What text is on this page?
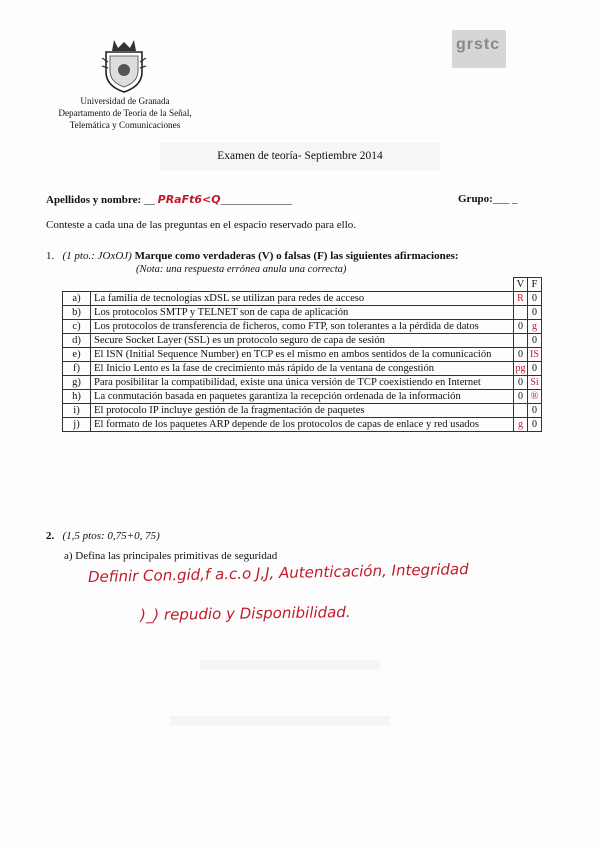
Universidad de Granada
Departamento de Teoría de la Señal,
Telemática y Comunicaciones
grstc
Examen de teoría- Septiembre 2014
Apellidos y nombre: __ PRaFt6<Q_____________	Grupo:___ _
Conteste a cada una de las preguntas en el espacio reservado para ello.
1. (1 pto.: JOxOJ) Marque como verdaderas (V) o falsas (F) las siguientes afirmaciones:
(Nota: una respuesta errónea anula una correcta)
		V	F
a)	La familia de tecnologías xDSL se utilizan para redes de acceso	R	0
b)	Los protocolos SMTP y TELNET son de capa de aplicación		0
c)	Los protocolos de transferencia de ficheros, como FTP, son tolerantes a la pérdida de datos	0	g
d)	Secure Socket Layer (SSL) es un protocolo seguro de capa de sesión		0
e)	El ISN (Initial Sequence Number) en TCP es el mismo en ambos sentidos de la comunicación	0	IS
f)	El Inicio Lento es la fase de crecimiento más rápido de la ventana de congestión	pg	0
g)	Para posibilitar la compatibilidad, existe una única versión de TCP coexistiendo en Internet	0	Si
h)	La conmutación basada en paquetes garantiza la recepción ordenada de la información	0	®
i)	El protocolo IP incluye gestión de la fragmentación de paquetes		0
j)	El formato de los paquetes ARP depende de los protocolos de capas de enlace y red usados	g	0
2. (1,5 ptos: 0,75+0, 75)
a) Defina las principales primitivas de seguridad
Definir Con.gid,f a.c.o J,J, Autenticación, Integridad
)_) repudio y Disponibilidad.
